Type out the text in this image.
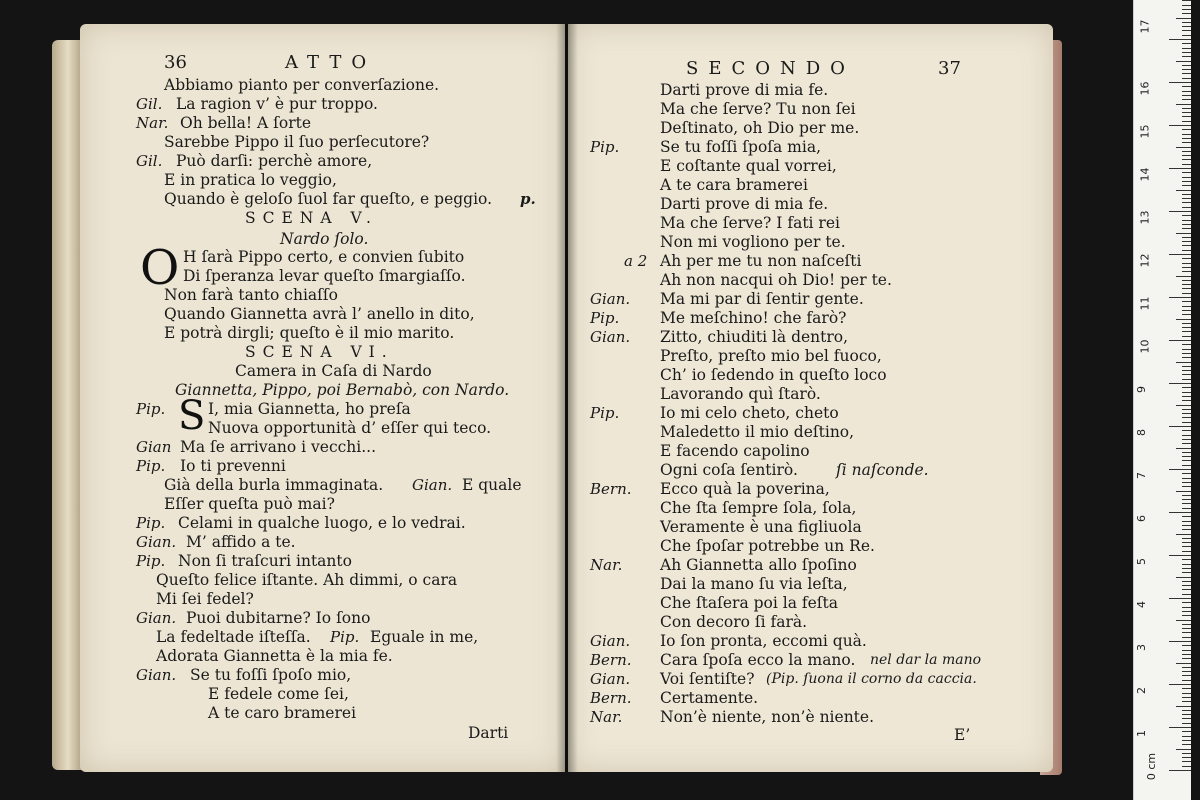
36	ATTO
Abbiamo pianto per converſazione.
Gil. La ragion v’ è pur troppo.
Nar. Oh bella! A ſorte
Sarebbe Pippo il ſuo perſecutore?
Gil. Può darſi: perchè amore,
E in pratica lo veggio,
Quando è geloſo ſuol far queſto, e peggio. p.
SCENA V.
Nardo ſolo.
O H ſarà Pippo certo, e convien ſubito
Di ſperanza levar queſto ſmargiaſſo.
Non farà tanto chiaſſo
Quando Giannetta avrà l’ anello in dito,
E potrà dirgli; queſto è il mio marito.
SCENA VI.
Camera in Caſa di Nardo
Giannetta, Pippo, poi Bernabò, con Nardo.
Pip. S I, mia Giannetta, ho preſa
Nuova opportunità d’ eſſer qui teco.
Gian Ma ſe arrivano i vecchi...
Pip. Io ti prevenni
Già della burla immaginata. Gian. E quale
Eſſer queſta può mai?
Pip. Celami in qualche luogo, e lo vedrai.
Gian. M’ affido a te.
Pip. Non ſi traſcuri intanto
Queſto felice iſtante. Ah dimmi, o cara
Mi ſei fedel?
Gian. Puoi dubitarne? Io ſono
La fedeltade iſteſſa. Pip. Eguale in me,
Adorata Giannetta è la mia fe.
Gian. Se tu foſſi ſpoſo mio,
E fedele come ſei,
A te caro bramerei
Darti
SECONDO	37
Darti prove di mia fe.
Ma che ſerve? Tu non ſei
Deſtinato, oh Dio per me.
Pip.	Se tu foſſi ſpoſa mia,
E coſtante qual vorrei,
A te cara bramerei
Darti prove di mia fe.
Ma che ſerve? I fati rei
Non mi vogliono per te.
a 2 Ah per me tu non naſceſti
Ah non nacqui oh Dio! per te.
Gian. Ma mi par di ſentir gente.
Pip.	Me meſchino! che farò?
Gian. Zitto, chiuditi là dentro,
Preſto, preſto mio bel fuoco,
Ch’ io ſedendo in queſto loco
Lavorando quì ſtarò.
Pip.	Io mi celo cheto, cheto
Maledetto il mio deſtino,
E facendo capolino
Ogni coſa ſentirò. ſi naſconde.
Bern. Ecco quà la poverina,
Che ſta ſempre ſola, ſola,
Veramente è una figliuola
Che ſpoſar potrebbe un Re.
Nar. Ah Giannetta allo ſpoſino
Dai la mano ſu via leſta,
Che ſtaſera poi la feſta
Con decoro ſi farà.
Gian. Io ſon pronta, eccomi quà.
Bern. Cara ſpoſa ecco la mano. nel dar la mano
Gian. Voi ſentiſte? (Pip. ſuona il corno da caccia.
Bern. Certamente.
Nar. Non’è niente, non’è niente.
E’
0 cm
1
2
3
4
5
6
7
8
9
10
11
12
13
14
15
16
17
